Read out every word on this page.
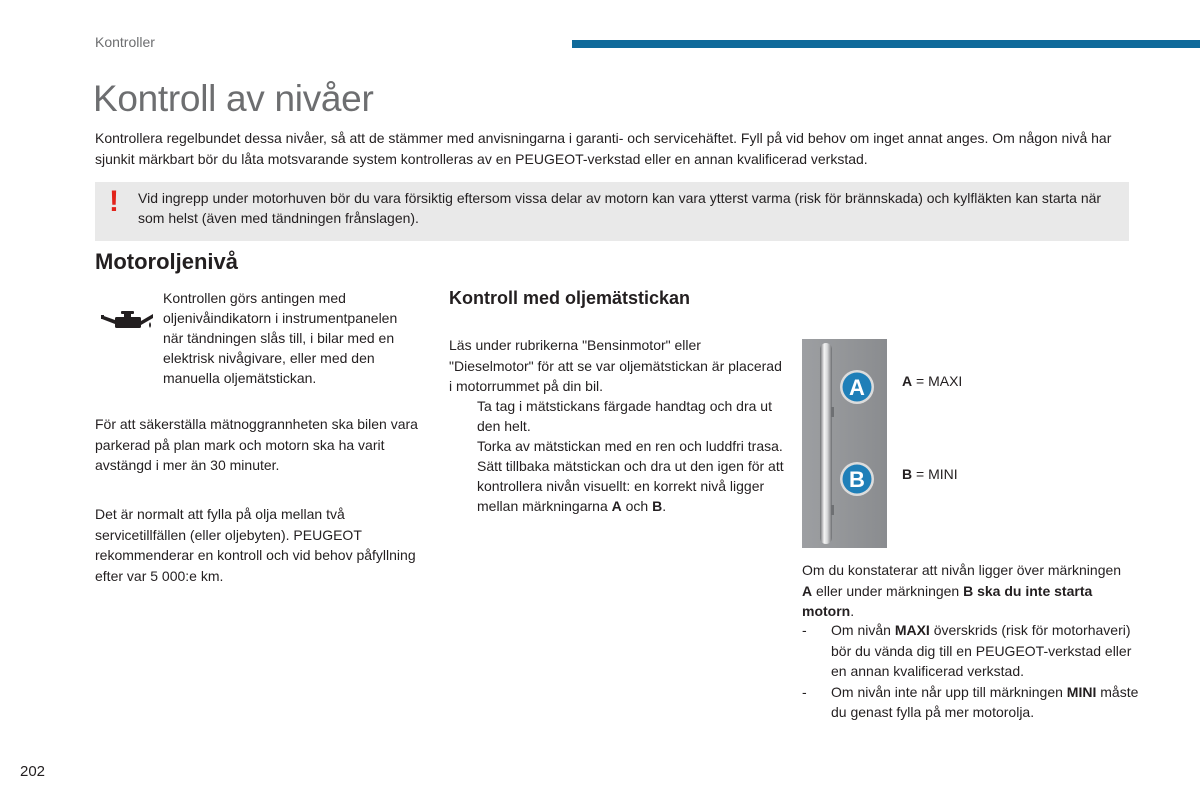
Kontroller
Kontroll av nivåer

Kontrollera regelbundet dessa nivåer, så att de stämmer med anvisningarna i garanti- och servicehäftet. Fyll på vid behov om inget annat anges. Om någon nivå har sjunkit märkbart bör du låta motsvarande system kontrolleras av en PEUGEOT-verkstad eller en annan kvalificerad verkstad.

! Vid ingrepp under motorhuven bör du vara försiktig eftersom vissa delar av motorn kan vara ytterst varma (risk för brännskada) och kylfläkten kan starta när som helst (även med tändningen frånslagen).

Motoroljenivå

Kontrollen görs antingen med oljenivåindikatorn i instrumentpanelen när tändningen slås till, i bilar med en elektrisk nivågivare, eller med den manuella oljemätstickan.

För att säkerställa mätnoggrannheten ska bilen vara parkerad på plan mark och motorn ska ha varit avstängd i mer än 30 minuter.

Det är normalt att fylla på olja mellan två servicetillfällen (eller oljebyten). PEUGEOT rekommenderar en kontroll och vid behov påfyllning efter var 5 000:e km.

Kontroll med oljemätstickan

Läs under rubrikerna "Bensinmotor" eller "Dieselmotor" för att se var oljemätstickan är placerad i motorrummet på din bil.

Ta tag i mätstickans färgade handtag och dra ut den helt.
Torka av mätstickan med en ren och luddfri trasa.
Sätt tillbaka mätstickan och dra ut den igen för att kontrollera nivån visuellt: en korrekt nivå ligger mellan märkningarna A och B.
A
B
A = MAXI
B = MINI

Om du konstaterar att nivån ligger över märkningen A eller under märkningen B ska du inte starta motorn.

- Om nivån MAXI överskrids (risk för motorhaveri) bör du vända dig till en PEUGEOT-verkstad eller en annan kvalificerad verkstad.
- Om nivån inte når upp till märkningen MINI måste du genast fylla på mer motorolja.
202
